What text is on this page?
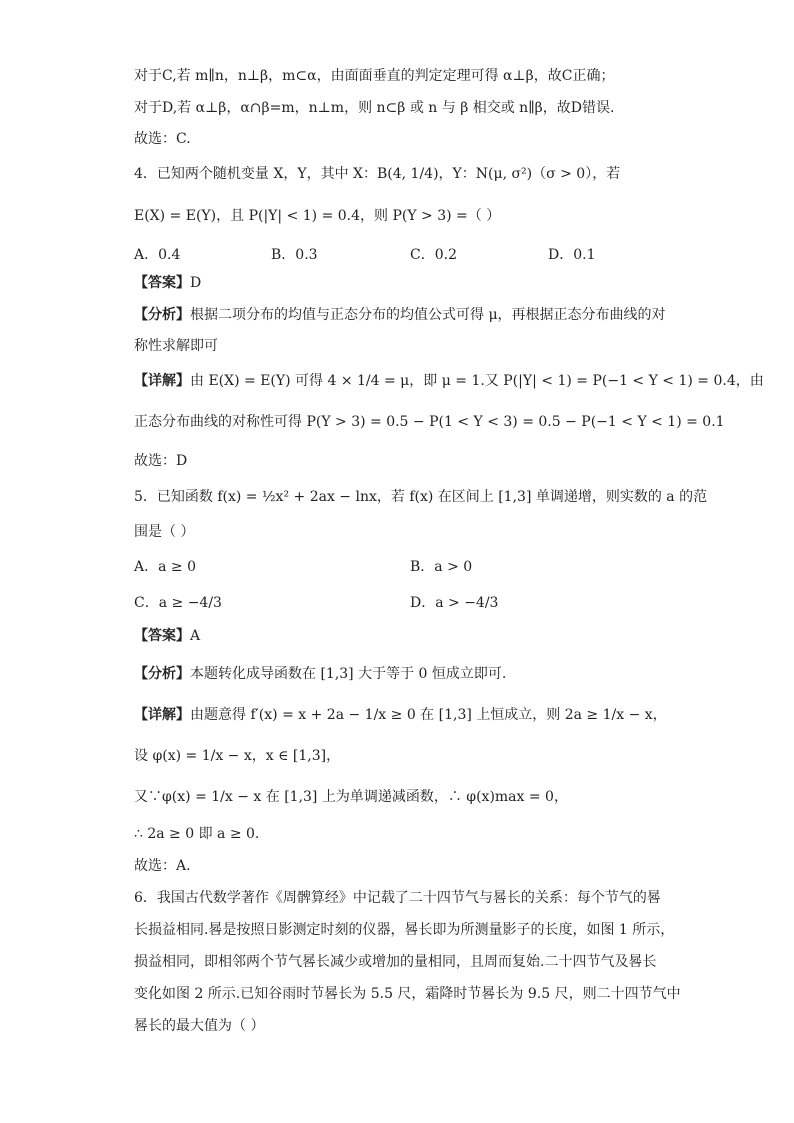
对于C,若 m∥n，n⊥β，m⊂α，由面面垂直的判定定理可得 α⊥β，故C正确；
对于D,若 α⊥β，α∩β=m，n⊥m，则 n⊂β 或 n 与 β 相交或 n∥β，故D错误.
故选：C.
4．已知两个随机变量 X，Y，其中 X：B(4, 1/4)，Y：N(μ, σ²)（σ > 0），若
E(X) = E(Y)，且 P(|Y| < 1) = 0.4，则 P(Y > 3) =（ ）
A．0.4	B．0.3	C．0.2	D．0.1
【答案】D
【分析】根据二项分布的均值与正态分布的均值公式可得 μ，再根据正态分布曲线的对
称性求解即可
【详解】由 E(X) = E(Y) 可得 4 × 1/4 = μ，即 μ = 1.又 P(|Y| < 1) = P(−1 < Y < 1) = 0.4，由
正态分布曲线的对称性可得 P(Y > 3) = 0.5 − P(1 < Y < 3) = 0.5 − P(−1 < Y < 1) = 0.1
故选：D
5．已知函数 f(x) = ½x² + 2ax − lnx，若 f(x) 在区间上 [1,3] 单调递增，则实数的 a 的范
围是（ ）
A．a ≥ 0	B．a > 0
C．a ≥ −4/3	D．a > −4/3
【答案】A
【分析】本题转化成导函数在 [1,3] 大于等于 0 恒成立即可.
【详解】由题意得 f′(x) = x + 2a − 1/x ≥ 0 在 [1,3] 上恒成立，则 2a ≥ 1/x − x，
设 φ(x) = 1/x − x，x ∈ [1,3]，
又∵φ(x) = 1/x − x 在 [1,3] 上为单调递减函数，∴ φ(x)max = 0，
∴ 2a ≥ 0 即 a ≥ 0.
故选：A.
6．我国古代数学著作《周髀算经》中记载了二十四节气与晷长的关系：每个节气的晷
长损益相同.晷是按照日影测定时刻的仪器，晷长即为所测量影子的长度，如图 1 所示，
损益相同，即相邻两个节气晷长减少或增加的量相同，且周而复始.二十四节气及晷长
变化如图 2 所示.已知谷雨时节晷长为 5.5 尺，霜降时节晷长为 9.5 尺，则二十四节气中
晷长的最大值为（ ）
